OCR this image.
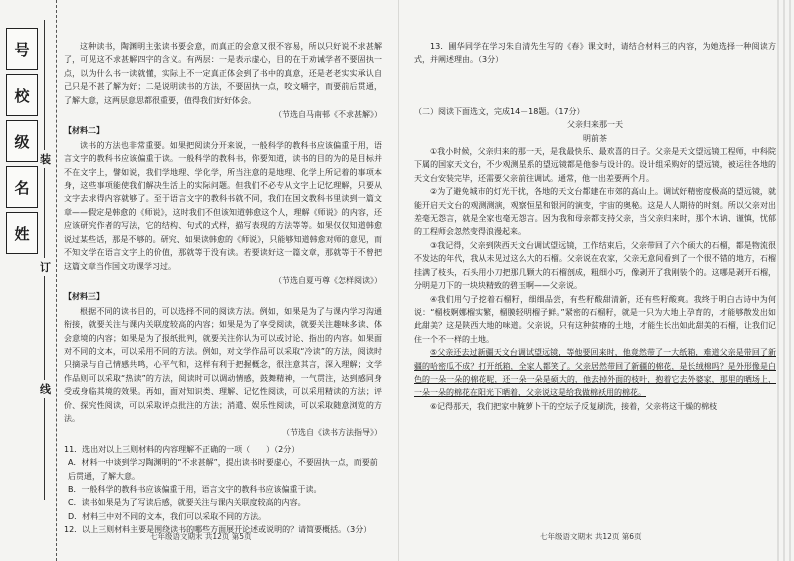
号
校
级
名
姓
装
订
线

这种读书，陶渊明主张读书要会意，而真正的会意又很不容易，所以只好说不求甚解了，可见这不求甚解四字的含义。有两层：一是表示虚心，目的在于劝诫学者不要固执一点，以为什么书一读就懂，实际上不一定真正体会到了书中的真意，还是老老实实承认自己只是不甚了解为好；二是说明读书的方法，不要固执一点，咬文嚼字，而要前后贯通，了解大意，这两层意思都很重要，值得我们好好体会。

（节选自马南邨《不求甚解》）
【材料二】

读书的方法也非常重要。如果把阅读分开来说，一般科学的教科书应该偏重于用，语言文字的教科书应该偏重于读。一般科学的教科书，你要知道，读书的目的为的是目标并不在文字上，譬如说，我们学地理、学化学，所当注意的是地理、化学上所记着的事项本身，这些事项能使我们解决生活上的实际问题。但我们不必专从文字上记忆理解，只要从文字去求得内容就够了。至于语言文字的教科书就不同，我们在国文教科书里读到一篇文章——假定是韩愈的《师说》，这时我们不但该知道韩愈这个人，理解《师说》的内容，还应该研究作者的写法，它的结构、句式的式样，描写表现的方法等等。如果仅仅知道韩愈说过某些话，那是不够的。研究、如果读韩愈的《师说》，只能够知道韩愈对师的意见，而不知文学在语言文字上的价值，那就等于没有读。若要读好这一篇文章，那就等于不曾把这篇文章当作国文功课学习过。

（节选自夏丏尊《怎样阅读》）
【材料三】

根据不同的读书目的，可以选择不同的阅读方法。例如，如果是为了与课内学习沟通衔接，就要关注与课内关联度较高的内容；如果是为了享受阅读，就要关注趣味多读、体会意境的内容；如果是为了报纸批判，就要关注你认为可以或讨论、指出的内容。如果面对不同的文本，可以采用不同的方法。例如，对文学作品可以采取“冷读”的方法，阅读时只摘录与自己情感共鸣，心平气和，这样有利于把握概念，很注意其言，深入理解；文学作品则可以采取“热读”的方法，阅读时可以调动情感，鼓舞精神，一气贯注，达到感同身受或身临其境的效果。再如，面对知识类、理解、记忆性阅读，可以采用精读的方法；评价、探究性阅读，可以采取评点批注的方法；消遣、娱乐性阅读，可以采取随意浏览的方法。

（节选自《读书方法指导》）

11．选出对以上三则材料的内容理解不正确的一项（　　）（2分）

A．材料一中谈到学习陶渊明的“不求甚解”，提出读书时要虚心，不要固执一点，而要前后贯通，了解大意。

B．一般科学的教科书应该偏重于用，语言文字的教科书应该偏重于读。

C．读书如果是为了写读后感，就要关注与课内关联度较高的内容。

D．材料三中对不同的文本，我们可以采取不同的方法。

12．以上三则材料主要是围绕读书的哪些方面展开论述或说明的？请简要概括。（3分）

七年级语文期末 共12页 第5页

13．圃华同学在学习朱自清先生写的《春》课文时，请结合材料三的内容，为她选择一种阅读方式，并阐述理由。（3分）

（二）阅读下面选文，完成14－18题。（17分）

父亲归来那一天

明前茶

①我小时候，父亲归来的那一天，是我最快乐、最欢喜的日子。父亲是天文望远镜工程师，中科院下属的国家天文台，不少观测星系的望远镜都是他参与设计的。设计组采购好的望远镜，被运往各地的天文台安装完毕，还需要父亲前往调试。通常，他一出差要两个月。

②为了避免城市的灯光干扰，各地的天文台都建在市郊的高山上。调试好精密度极高的望远镜，就能开启天文台的观测测演，观察恒星和银河的演变，宇宙的奥秘。这是人人期待的时刻。所以父亲对出差毫无怨言，就是全家也毫无怨言。因为我和母亲都支持父亲，当父亲归来时，那个木讷、谨慎，忧郁的工程师会忽然变得浪漫起来。

③我记得，父亲到陕西天文台调试望远镜，工作结束后，父亲带回了六个硕大的石榴，都是物流很不发达的年代，我从未见过这么大的石榴。父亲说在农家，父亲无意间看到了一个很不错的地方，石榴挂满了枝头，石头用小刀把那几颗大的石榴剖成，粗细小巧，像剥开了我刚装个的。这哪是剥开石榴，分明是刀下的一块块精致的碧玉啊——父亲说。

④我们用勺子挖着石榴籽，细细品尝，有些籽酸甜清新，还有些籽酸爽。我终于明白古诗中为何说：“榴枝婀娜榴实繁，榴膜轻明榴子鲜。”紧密的石榴籽，就是一只为大地上孕育的，才能够散发出如此甜美？这是陕西大地的味道。父亲说，只有这种贫瘠的土地，才能生长出如此甜美的石榴，让我们记住一个不一样的土地。

⑤父亲还去过新疆天文台调试望远镜，等他要回来时，他竟然带了一大纸箱，难道父亲是带回了新疆的哈密瓜不成？打开纸箱，全家人都笑了。父亲居然带回了新疆的棉花，是长绒棉吗？是外形像是白色的一朵一朵的棉花呢，还一朵一朵是硕大的，他去掉外面的枝叶，抱着它去外婆家，那里的晒场上，一朵一朵的棉花在阳光下晒着，父亲说这是给我做棉袄用的棉花。

⑥记得那天，我们把家中腌萝卜干的空坛子反复刷洗，接着，父亲将这干燥的棉枝

七年级语文期末 共12页 第6页
